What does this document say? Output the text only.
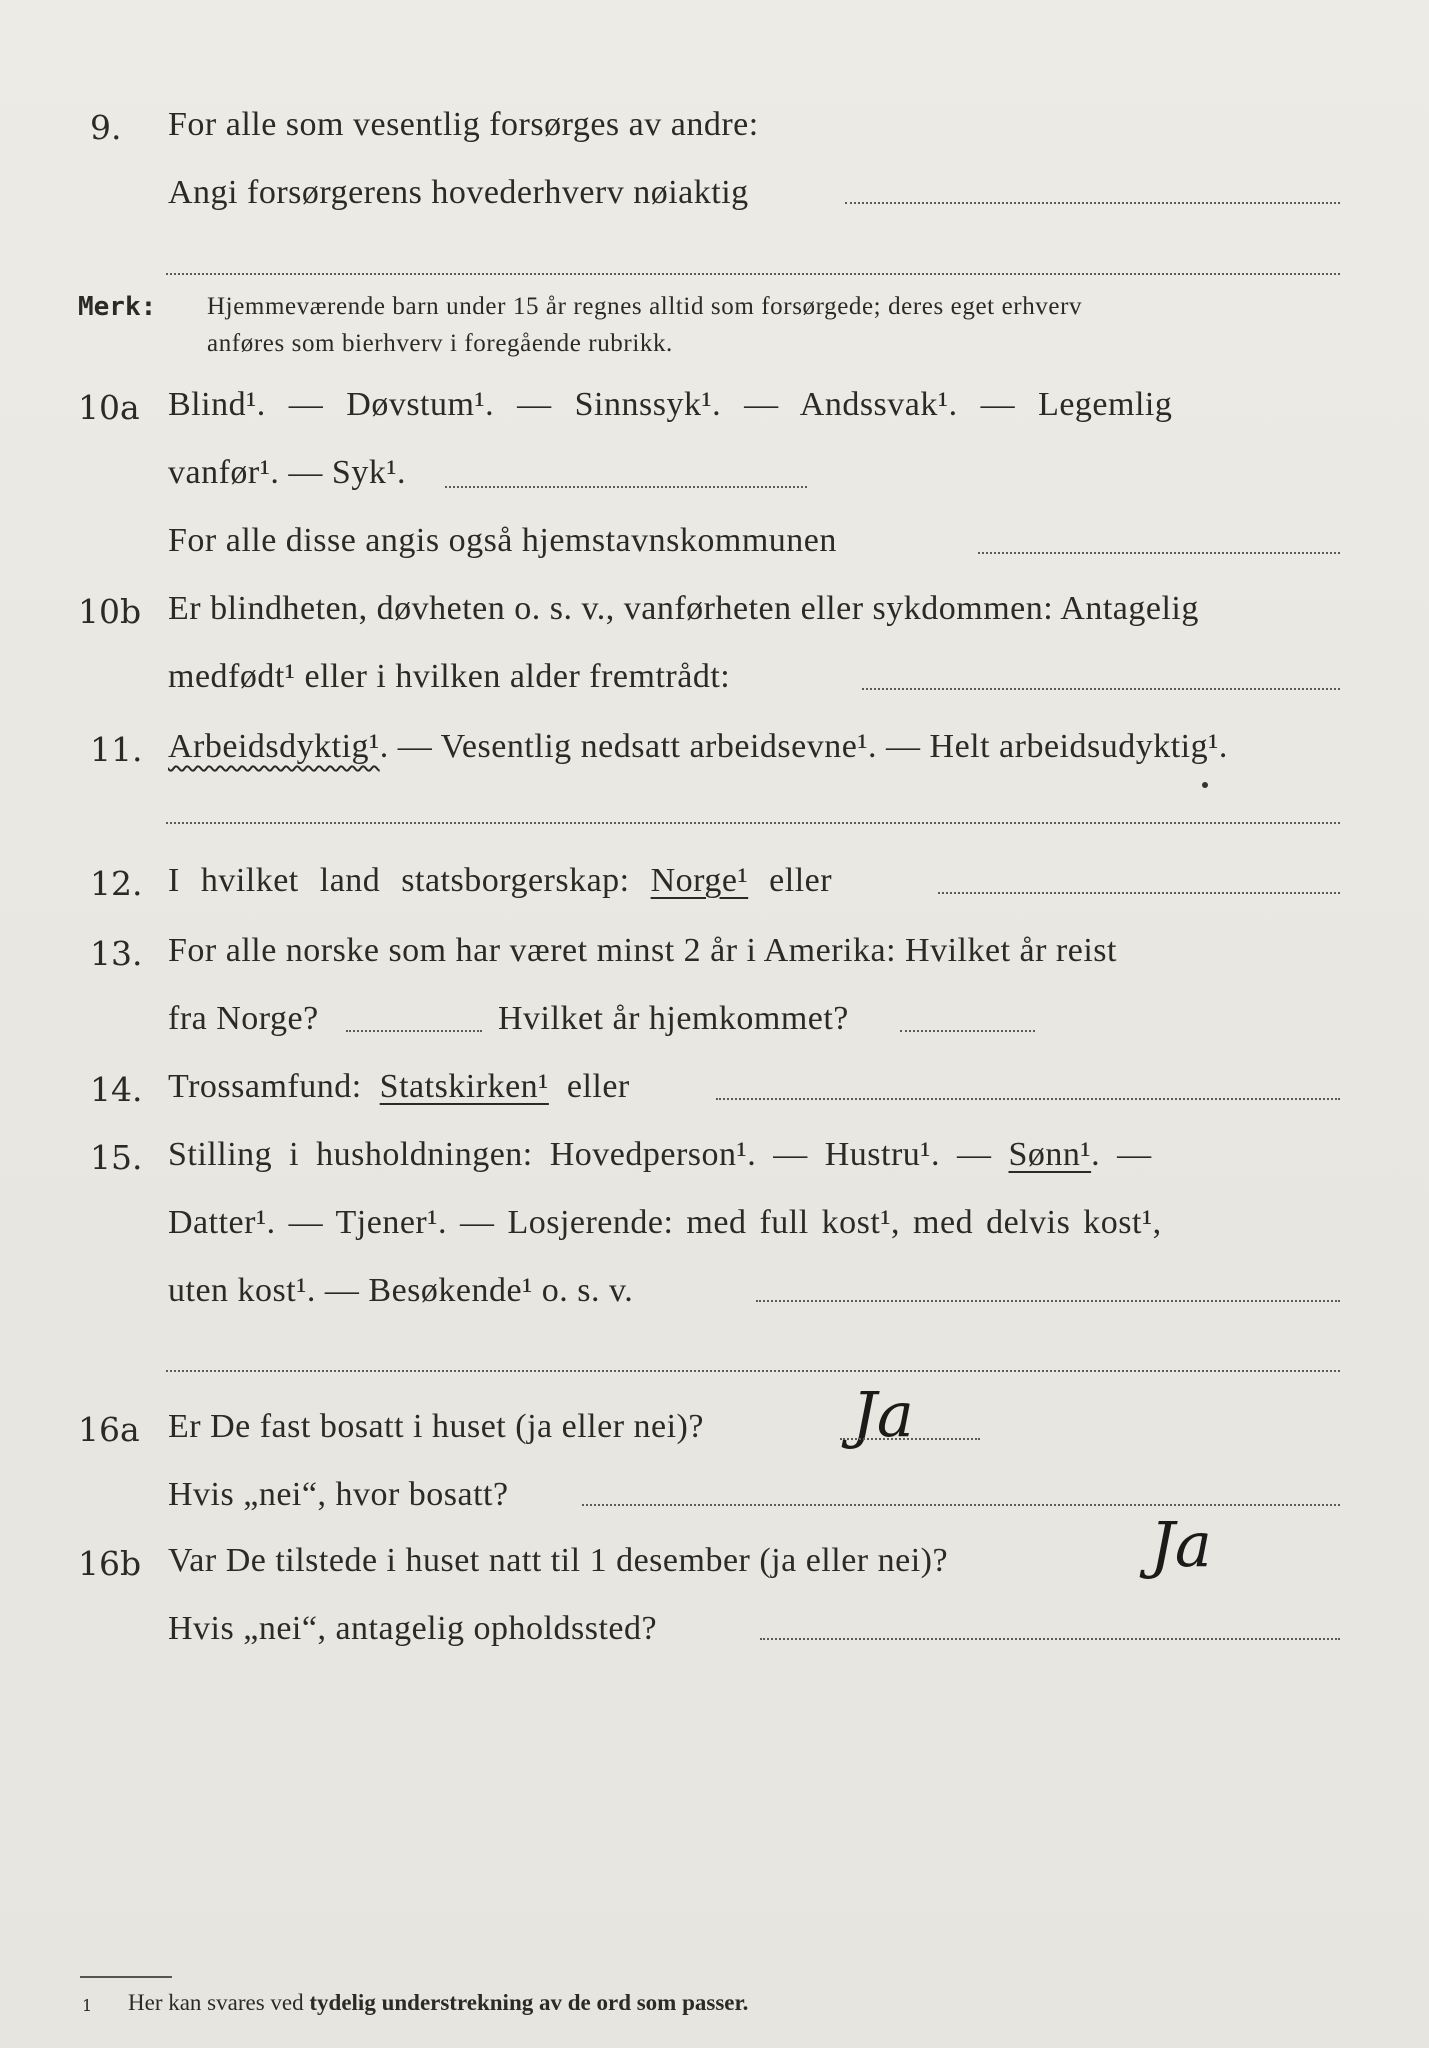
9. For alle som vesentlig forsørges av andre:
Angi forsørgerens hovederhverv nøiaktig
Merk: Hjemmeværende barn under 15 år regnes alltid som forsørgede; deres eget erhverv
anføres som bierhverv i foregående rubrikk.
10a Blind¹. — Døvstum¹. — Sinnssyk¹. — Andssvak¹. — Legemlig
vanfør¹. — Syk¹.
For alle disse angis også hjemstavnskommunen
10b Er blindheten, døvheten o. s. v., vanførheten eller sykdommen: Antagelig
medfødt¹ eller i hvilken alder fremtrådt:
11. Arbeidsdyktig¹. — Vesentlig nedsatt arbeidsevne¹. — Helt arbeidsudyktig¹.
12. I hvilket land statsborgerskap: Norge¹ eller
13. For alle norske som har været minst 2 år i Amerika: Hvilket år reist
fra Norge?	Hvilket år hjemkommet?
14. Trossamfund: Statskirken¹ eller
15. Stilling i husholdningen: Hovedperson¹. — Hustru¹. — Sønn¹. —
Datter¹. — Tjener¹. — Losjerende: med full kost¹, med delvis kost¹,
uten kost¹. — Besøkende¹ o. s. v.
16a Er De fast bosatt i huset (ja eller nei)? Ja
Hvis „nei“, hvor bosatt?
16b Var De tilstede i huset natt til 1 desember (ja eller nei)?	Ja
Hvis „nei“, antagelig opholdssted?
1 Her kan svares ved tydelig understrekning av de ord som passer.
